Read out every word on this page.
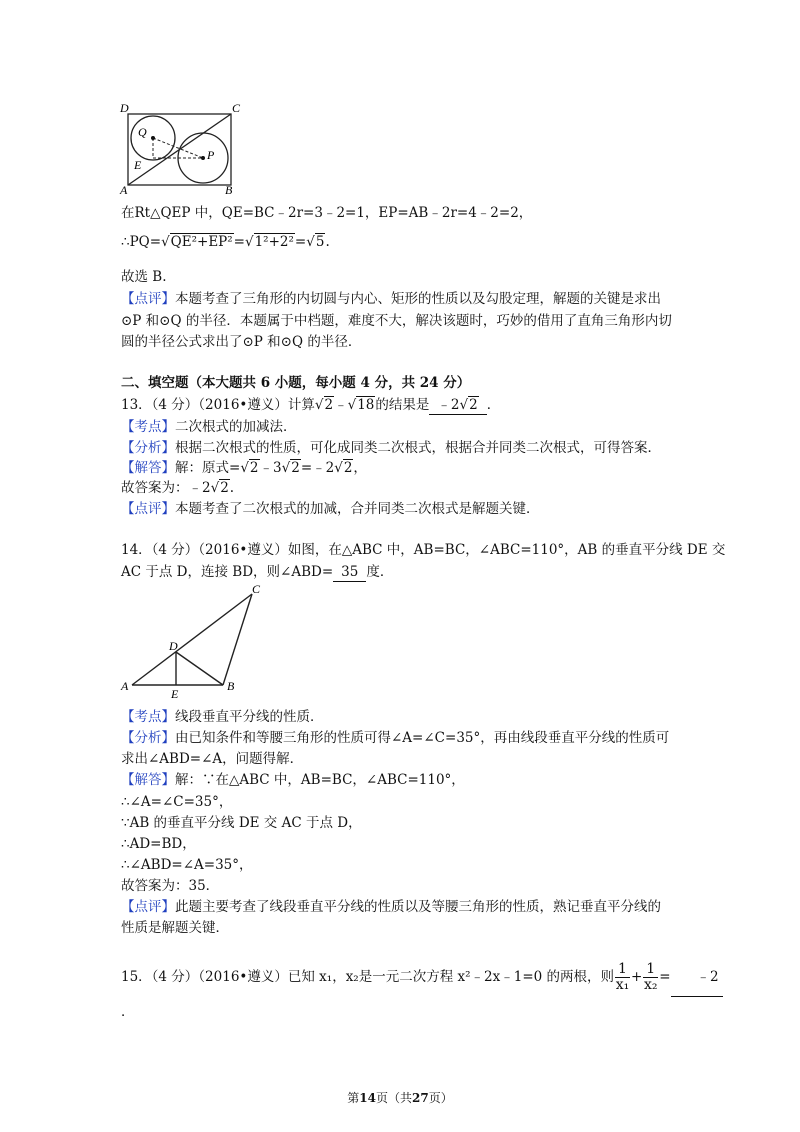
D	C
Q
P
E
A	B
在Rt△QEP 中，QE=BC﹣2r=3﹣2=1，EP=AB﹣2r=4﹣2=2，
∴PQ=√QE²+EP²=√1²+2²=√5.
故选 B.
【点评】本题考查了三角形的内切圆与内心、矩形的性质以及勾股定理，解题的关键是求出
⊙P 和⊙Q 的半径．本题属于中档题，难度不大，解决该题时，巧妙的借用了直角三角形内切
圆的半径公式求出了⊙P 和⊙Q 的半径．
二、填空题（本大题共 6 小题，每小题 4 分，共 24 分）
13．（4 分）（2016•遵义）计算√2﹣√18的结果是 ﹣2√2 ．
【考点】二次根式的加减法．
【分析】根据二次根式的性质，可化成同类二次根式，根据合并同类二次根式，可得答案．
【解答】解：原式=√2﹣3√2=﹣2√2，
故答案为：﹣2√2.
【点评】本题考查了二次根式的加减，合并同类二次根式是解题关键．
14．（4 分）（2016•遵义）如图，在△ABC 中，AB=BC，∠ABC=110°，AB 的垂直平分线 DE 交
AC 于点 D，连接 BD，则∠ABD= 35 度．
C
D
A
E
B
【考点】线段垂直平分线的性质．
【分析】由已知条件和等腰三角形的性质可得∠A=∠C=35°，再由线段垂直平分线的性质可
求出∠ABD=∠A，问题得解．
【解答】解：∵在△ABC 中，AB=BC，∠ABC=110°，
∴∠A=∠C=35°，
∵AB 的垂直平分线 DE 交 AC 于点 D，
∴AD=BD，
∴∠ABD=∠A=35°，
故答案为：35．
【点评】此题主要考查了线段垂直平分线的性质以及等腰三角形的性质，熟记垂直平分线的
性质是解题关键．
15．（4 分）（2016•遵义）已知 x₁，x₂是一元二次方程 x²﹣2x﹣1=0 的两根，则 $\frac{1}{\text{x₁}} + \frac{1}{\text{x₂}}$ = ﹣2
．
第14页（共27页）
